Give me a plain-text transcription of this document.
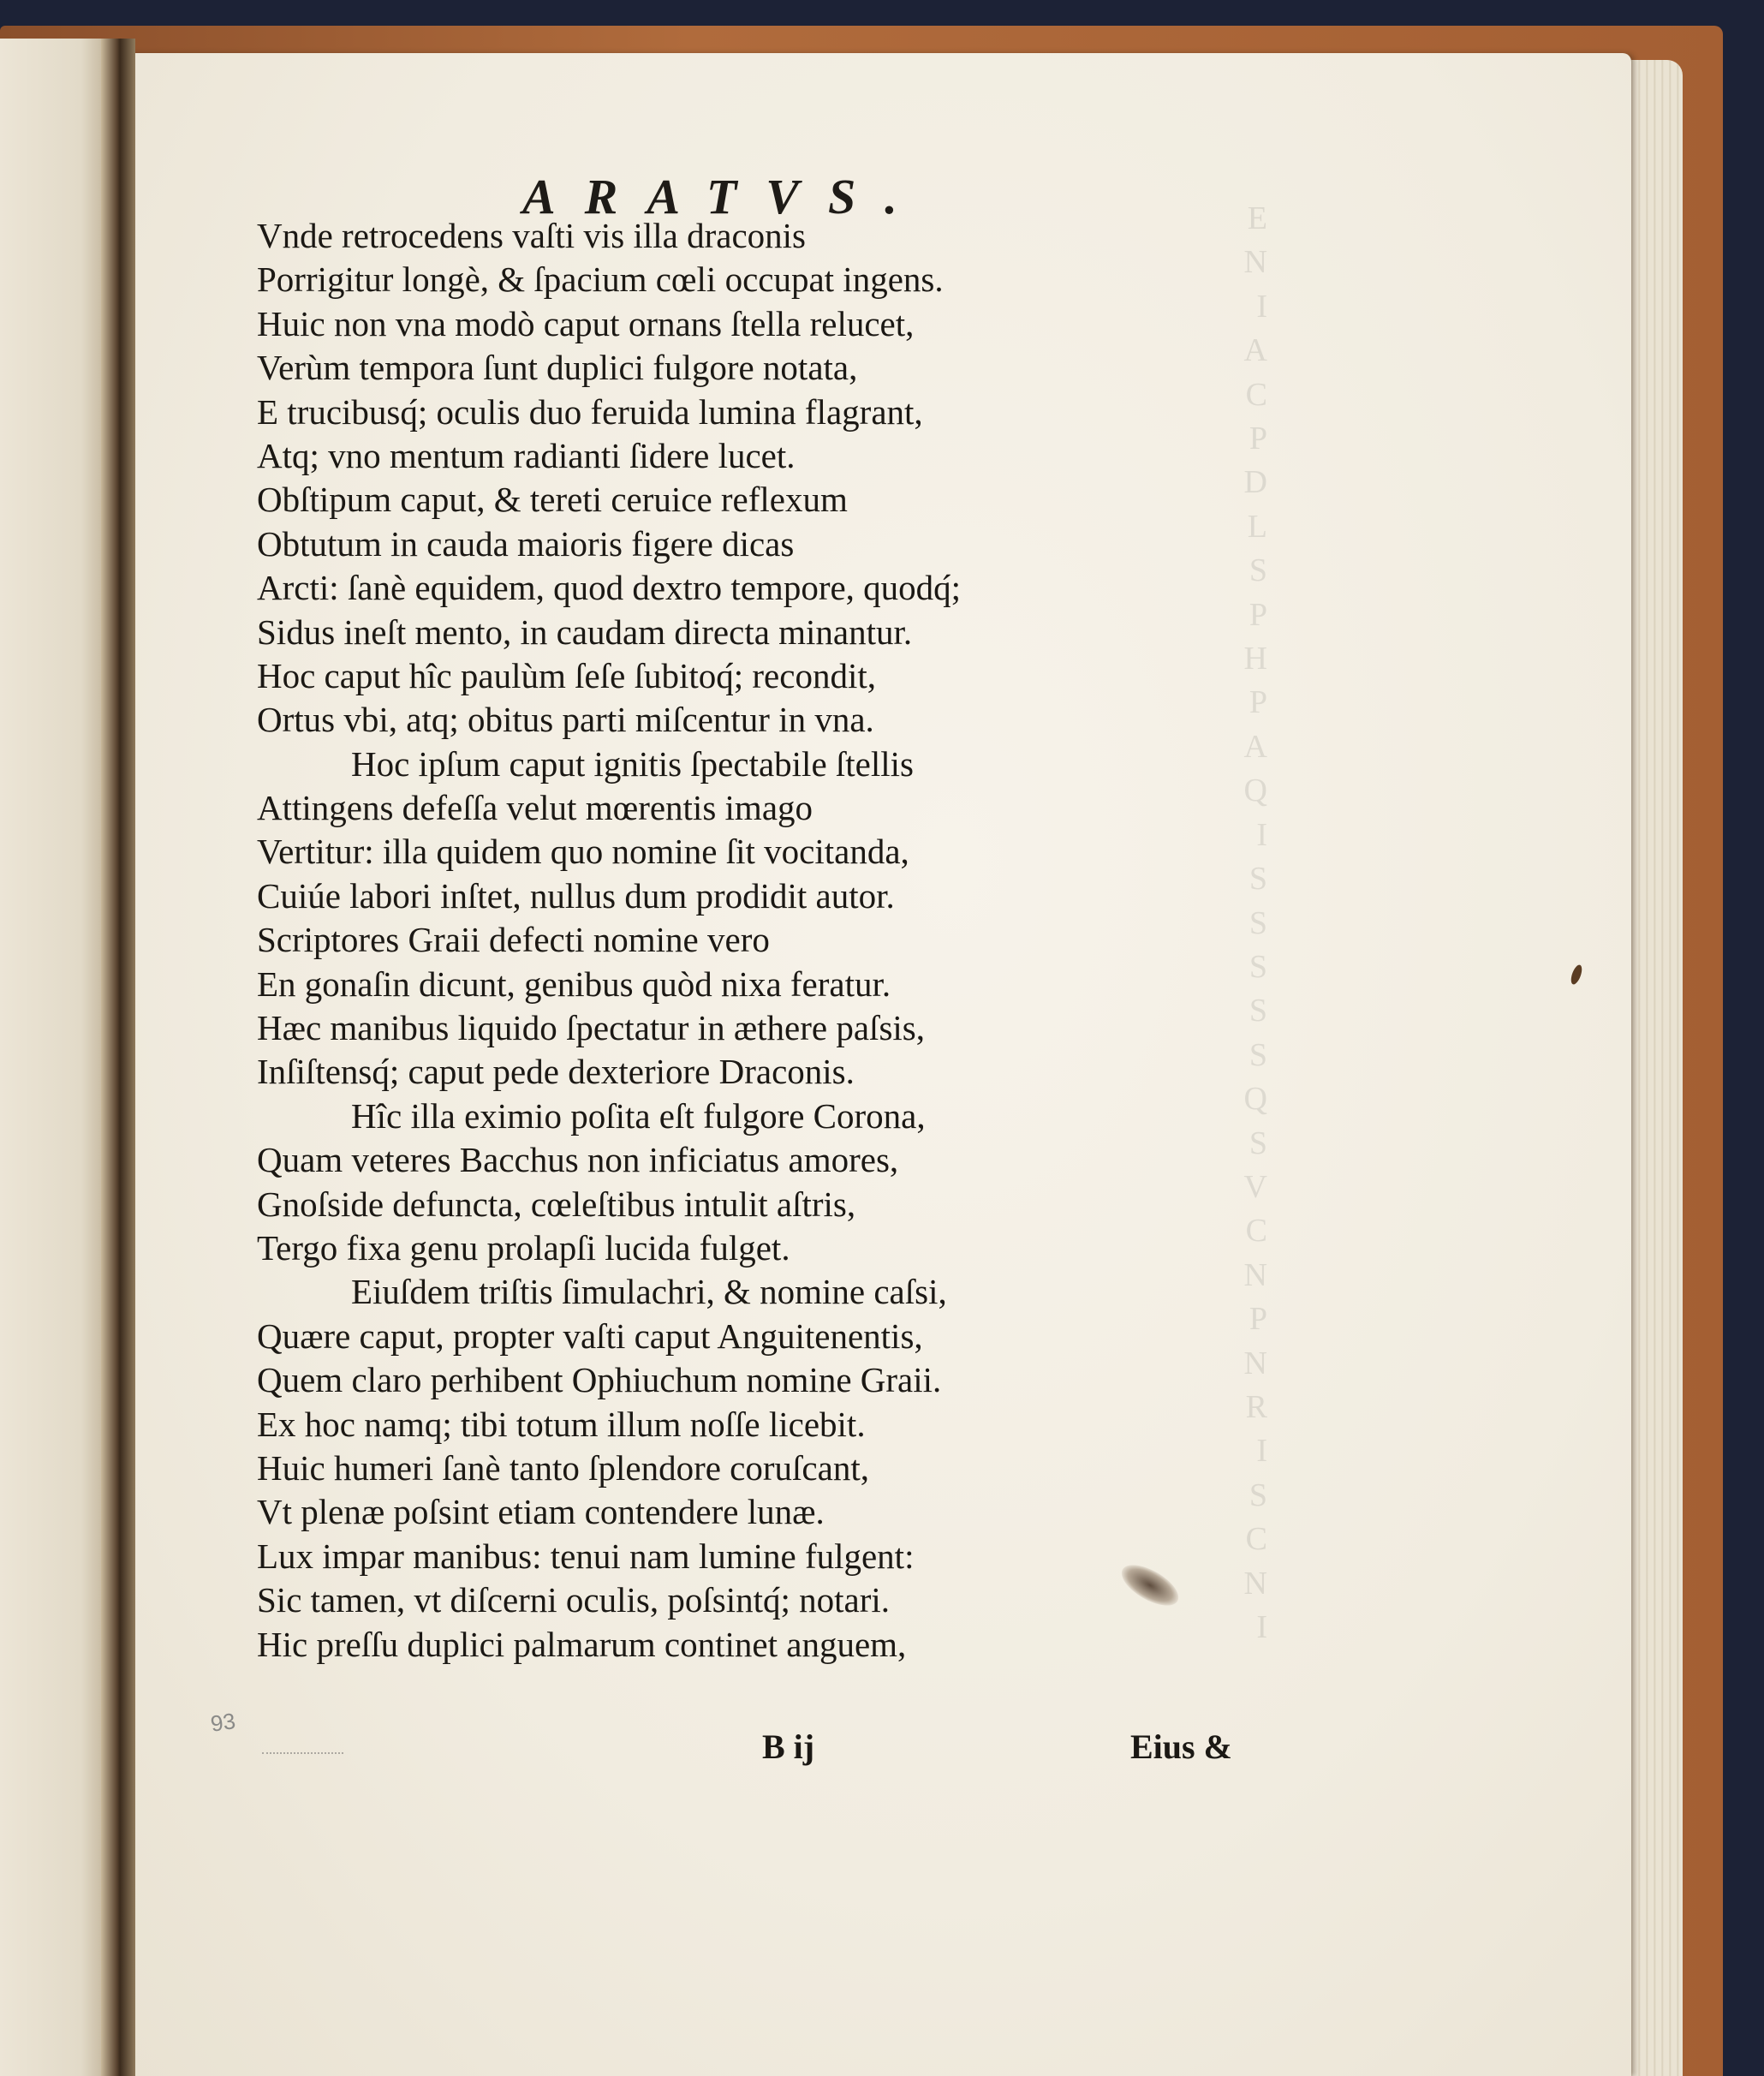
E
N
I
A
C
P
D
L
S
P
H
P
A
Q
I
S
S
S
S
S
Q
S
V
C
N
P
N
R
I
S
C
N
I
ARATVS.
Vnde retrocedens vaſti vis illa draconis
Porrigitur longè, & ſpacium cœli occupat ingens.
Huic non vna modò caput ornans ſtella relucet,
Verùm tempora ſunt duplici fulgore notata,
E trucibusq́; oculis duo feruida lumina flagrant,
Atq; vno mentum radianti ſidere lucet.
Obſtipum caput, & tereti ceruice reflexum
Obtutum in cauda maioris figere dicas
Arcti: ſanè equidem, quod dextro tempore, quodq́;
Sidus ineſt mento, in caudam directa minantur.
Hoc caput hîc paulùm ſeſe ſubitoq́; recondit,
Ortus vbi, atq; obitus parti miſcentur in vna.
Hoc ipſum caput ignitis ſpectabile ſtellis
Attingens defeſſa velut mœrentis imago
Vertitur: illa quidem quo nomine ſit vocitanda,
Cuiúe labori inſtet, nullus dum prodidit autor.
Scriptores Graii defecti nomine vero
En gonaſin dicunt, genibus quòd nixa feratur.
Hæc manibus liquido ſpectatur in æthere paſsis,
Inſiſtensq́; caput pede dexteriore Draconis.
Hîc illa eximio poſita eſt fulgore Corona,
Quam veteres Bacchus non inficiatus amores,
Gnoſside defuncta, cœleſtibus intulit aſtris,
Tergo fixa genu prolapſi lucida fulget.
Eiuſdem triſtis ſimulachri, & nomine caſsi,
Quære caput, propter vaſti caput Anguitenentis,
Quem claro perhibent Ophiuchum nomine Graii.
Ex hoc namq; tibi totum illum noſſe licebit.
Huic humeri ſanè tanto ſplendore coruſcant,
Vt plenæ poſsint etiam contendere lunæ.
Lux impar manibus: tenui nam lumine fulgent:
Sic tamen, vt diſcerni oculis, poſsintq́; notari.
Hic preſſu duplici palmarum continet anguem,
93
B ij	Eius &
